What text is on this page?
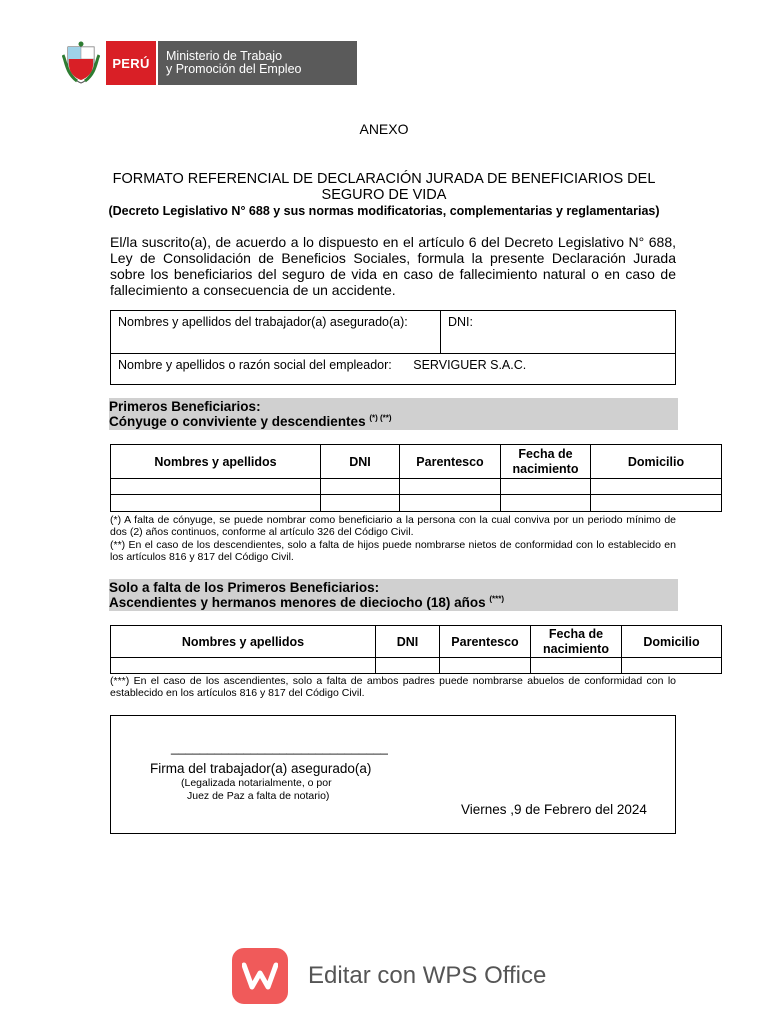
PERÚ	Ministerio de Trabajo
y Promoción del Empleo
ANEXO
FORMATO REFERENCIAL DE DECLARACIÓN JURADA DE BENEFICIARIOS DEL
SEGURO DE VIDA
(Decreto Legislativo N° 688 y sus normas modificatorias, complementarias y reglamentarias)
El/la suscrito(a), de acuerdo a lo dispuesto en el artículo 6 del Decreto Legislativo N° 688, Ley de Consolidación de Beneficios Sociales, formula la presente Declaración Jurada sobre los beneficiarios del seguro de vida en caso de fallecimiento natural o en caso de fallecimiento a consecuencia de un accidente.
Nombres y apellidos del trabajador(a) asegurado(a):	DNI:
Nombre y apellidos o razón social del empleador: SERVIGUER S.A.C.
Primeros Beneficiarios:
Cónyuge o conviviente y descendientes (*) (**)
Nombres y apellidos	DNI	Parentesco	Fecha de nacimiento	Domicilio

(*) A falta de cónyuge, se puede nombrar como beneficiario a la persona con la cual conviva por un periodo mínimo de dos (2) años continuos, conforme al artículo 326 del Código Civil.
(**) En el caso de los descendientes, solo a falta de hijos puede nombrarse nietos de conformidad con lo establecido en los artículos 816 y 817 del Código Civil.
Solo a falta de los Primeros Beneficiarios:
Ascendientes y hermanos menores de dieciocho (18) años (***)
Nombres y apellidos	DNI	Parentesco	Fecha de nacimiento	Domicilio

(***) En el caso de los ascendientes, solo a falta de ambos padres puede nombrarse abuelos de conformidad con lo establecido en los artículos 816 y 817 del Código Civil.
______________________________
Firma del trabajador(a) asegurado(a)
(Legalizada notarialmente, o por
Juez de Paz a falta de notario)
Viernes ,9 de Febrero del 2024
Editar con WPS Office
